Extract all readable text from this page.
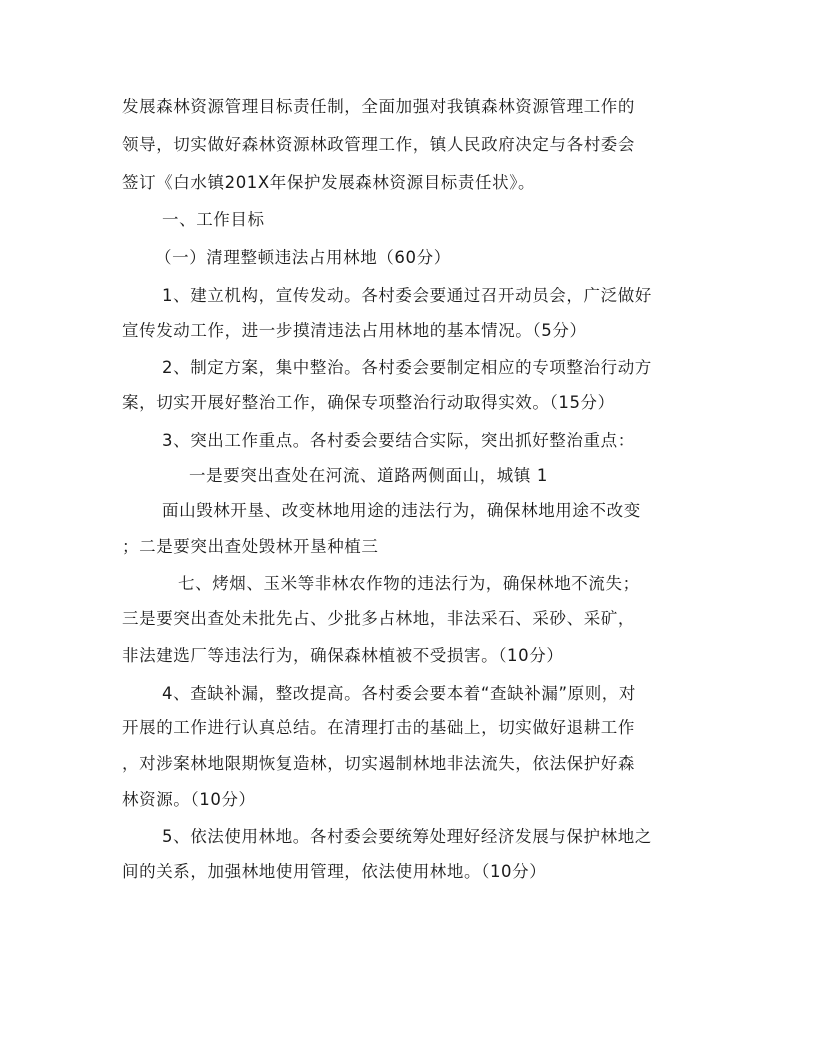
发展森林资源管理目标责任制，全面加强对我镇森林资源管理工作的
领导，切实做好森林资源林政管理工作，镇人民政府决定与各村委会
签订《白水镇201X年保护发展森林资源目标责任状》。
一、工作目标
（一）清理整顿违法占用林地（60分）
1、建立机构，宣传发动。各村委会要通过召开动员会，广泛做好
宣传发动工作，进一步摸清违法占用林地的基本情况。（5分）
2、制定方案，集中整治。各村委会要制定相应的专项整治行动方
案，切实开展好整治工作，确保专项整治行动取得实效。（15分）
3、突出工作重点。各村委会要结合实际，突出抓好整治重点：
一是要突出查处在河流、道路两侧面山，城镇 1
面山毁林开垦、改变林地用途的违法行为，确保林地用途不改变
；二是要突出查处毁林开垦种植三
七、烤烟、玉米等非林农作物的违法行为，确保林地不流失；
三是要突出查处未批先占、少批多占林地，非法采石、采砂、采矿，
非法建选厂等违法行为，确保森林植被不受损害。（10分）
4、查缺补漏，整改提高。各村委会要本着“查缺补漏”原则，对
开展的工作进行认真总结。在清理打击的基础上，切实做好退耕工作
，对涉案林地限期恢复造林，切实遏制林地非法流失，依法保护好森
林资源。（10分）
5、依法使用林地。各村委会要统筹处理好经济发展与保护林地之
间的关系，加强林地使用管理，依法使用林地。（10分）
